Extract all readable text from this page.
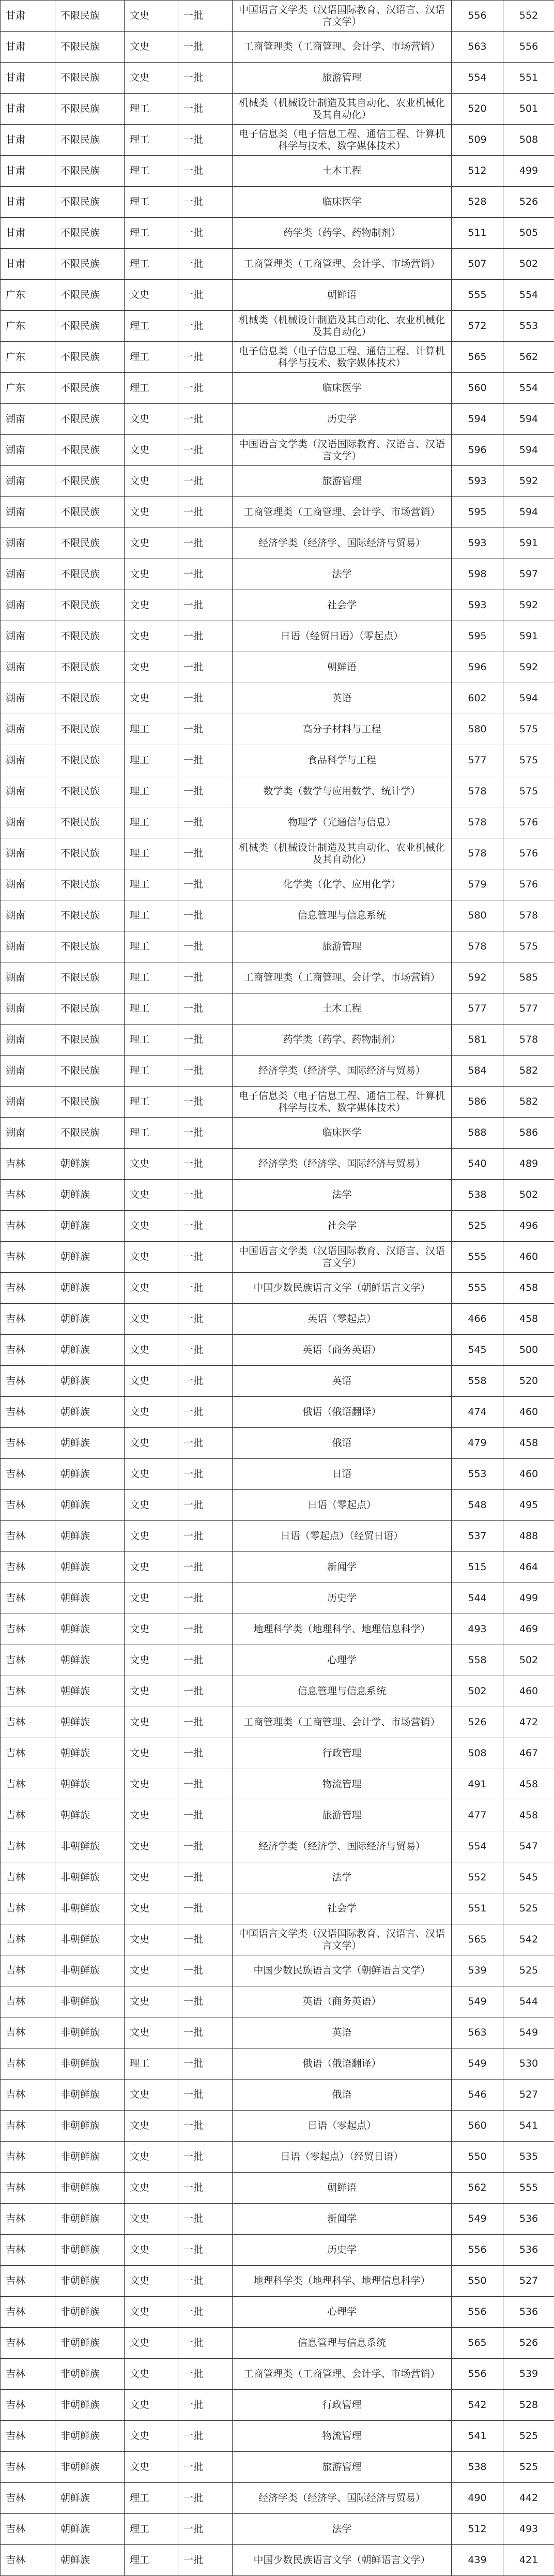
甘肃	不限民族	文史	一批	中国语言文学类（汉语国际教育、汉语言、汉语言文学）	556	552
甘肃	不限民族	文史	一批	工商管理类（工商管理、会计学、市场营销）	563	556
甘肃	不限民族	文史	一批	旅游管理	554	551
甘肃	不限民族	理工	一批	机械类（机械设计制造及其自动化、农业机械化及其自动化）	520	501
甘肃	不限民族	理工	一批	电子信息类（电子信息工程、通信工程、计算机科学与技术、数字媒体技术）	509	508
甘肃	不限民族	理工	一批	土木工程	512	499
甘肃	不限民族	理工	一批	临床医学	528	526
甘肃	不限民族	理工	一批	药学类（药学、药物制剂）	511	505
甘肃	不限民族	理工	一批	工商管理类（工商管理、会计学、市场营销）	507	502
广东	不限民族	文史	一批	朝鲜语	555	554
广东	不限民族	理工	一批	机械类（机械设计制造及其自动化、农业机械化及其自动化）	572	553
广东	不限民族	理工	一批	电子信息类（电子信息工程、通信工程、计算机科学与技术、数字媒体技术）	565	562
广东	不限民族	理工	一批	临床医学	560	554
湖南	不限民族	文史	一批	历史学	594	594
湖南	不限民族	文史	一批	中国语言文学类（汉语国际教育、汉语言、汉语言文学）	596	594
湖南	不限民族	文史	一批	旅游管理	593	592
湖南	不限民族	文史	一批	工商管理类（工商管理、会计学、市场营销）	595	594
湖南	不限民族	文史	一批	经济学类（经济学、国际经济与贸易）	593	591
湖南	不限民族	文史	一批	法学	598	597
湖南	不限民族	文史	一批	社会学	593	592
湖南	不限民族	文史	一批	日语（经贸日语）（零起点）	595	591
湖南	不限民族	文史	一批	朝鲜语	596	592
湖南	不限民族	文史	一批	英语	602	594
湖南	不限民族	理工	一批	高分子材料与工程	580	575
湖南	不限民族	理工	一批	食品科学与工程	577	575
湖南	不限民族	理工	一批	数学类（数学与应用数学、统计学）	578	575
湖南	不限民族	理工	一批	物理学（光通信与信息）	578	576
湖南	不限民族	理工	一批	机械类（机械设计制造及其自动化、农业机械化及其自动化）	578	576
湖南	不限民族	理工	一批	化学类（化学、应用化学）	579	576
湖南	不限民族	理工	一批	信息管理与信息系统	580	578
湖南	不限民族	理工	一批	旅游管理	578	575
湖南	不限民族	理工	一批	工商管理类（工商管理、会计学、市场营销）	592	585
湖南	不限民族	理工	一批	土木工程	577	577
湖南	不限民族	理工	一批	药学类（药学、药物制剂）	581	578
湖南	不限民族	理工	一批	经济学类（经济学、国际经济与贸易）	584	582
湖南	不限民族	理工	一批	电子信息类（电子信息工程、通信工程、计算机科学与技术、数字媒体技术）	586	582
湖南	不限民族	理工	一批	临床医学	588	586
吉林	朝鲜族	文史	一批	经济学类（经济学、国际经济与贸易）	540	489
吉林	朝鲜族	文史	一批	法学	538	502
吉林	朝鲜族	文史	一批	社会学	525	496
吉林	朝鲜族	文史	一批	中国语言文学类（汉语国际教育、汉语言、汉语言文学）	555	460
吉林	朝鲜族	文史	一批	中国少数民族语言文学（朝鲜语言文学）	555	458
吉林	朝鲜族	文史	一批	英语（零起点）	466	458
吉林	朝鲜族	文史	一批	英语（商务英语）	545	500
吉林	朝鲜族	文史	一批	英语	558	520
吉林	朝鲜族	文史	一批	俄语（俄语翻译）	474	460
吉林	朝鲜族	文史	一批	俄语	479	458
吉林	朝鲜族	文史	一批	日语	553	460
吉林	朝鲜族	文史	一批	日语（零起点）	548	495
吉林	朝鲜族	文史	一批	日语（零起点）（经贸日语）	537	488
吉林	朝鲜族	文史	一批	新闻学	515	464
吉林	朝鲜族	文史	一批	历史学	544	499
吉林	朝鲜族	文史	一批	地理科学类（地理科学、地理信息科学）	493	469
吉林	朝鲜族	文史	一批	心理学	558	502
吉林	朝鲜族	文史	一批	信息管理与信息系统	502	460
吉林	朝鲜族	文史	一批	工商管理类（工商管理、会计学、市场营销）	526	472
吉林	朝鲜族	文史	一批	行政管理	508	467
吉林	朝鲜族	文史	一批	物流管理	491	458
吉林	朝鲜族	文史	一批	旅游管理	477	458
吉林	非朝鲜族	文史	一批	经济学类（经济学、国际经济与贸易）	554	547
吉林	非朝鲜族	文史	一批	法学	552	545
吉林	非朝鲜族	文史	一批	社会学	551	525
吉林	非朝鲜族	文史	一批	中国语言文学类（汉语国际教育、汉语言、汉语言文学）	565	542
吉林	非朝鲜族	文史	一批	中国少数民族语言文学（朝鲜语言文学）	539	525
吉林	非朝鲜族	文史	一批	英语（商务英语）	549	544
吉林	非朝鲜族	文史	一批	英语	563	549
吉林	非朝鲜族	理工	一批	俄语（俄语翻译）	549	530
吉林	非朝鲜族	文史	一批	俄语	546	527
吉林	非朝鲜族	文史	一批	日语（零起点）	560	541
吉林	非朝鲜族	文史	一批	日语（零起点）（经贸日语）	550	535
吉林	非朝鲜族	文史	一批	朝鲜语	562	555
吉林	非朝鲜族	文史	一批	新闻学	549	536
吉林	非朝鲜族	文史	一批	历史学	556	536
吉林	非朝鲜族	文史	一批	地理科学类（地理科学、地理信息科学）	550	527
吉林	非朝鲜族	文史	一批	心理学	556	536
吉林	非朝鲜族	文史	一批	信息管理与信息系统	565	526
吉林	非朝鲜族	文史	一批	工商管理类（工商管理、会计学、市场营销）	556	539
吉林	非朝鲜族	文史	一批	行政管理	542	528
吉林	非朝鲜族	文史	一批	物流管理	541	525
吉林	非朝鲜族	文史	一批	旅游管理	538	525
吉林	朝鲜族	理工	一批	经济学类（经济学、国际经济与贸易）	490	442
吉林	朝鲜族	理工	一批	法学	512	493
吉林	朝鲜族	理工	一批	中国少数民族语言文学（朝鲜语言文学）	439	421
